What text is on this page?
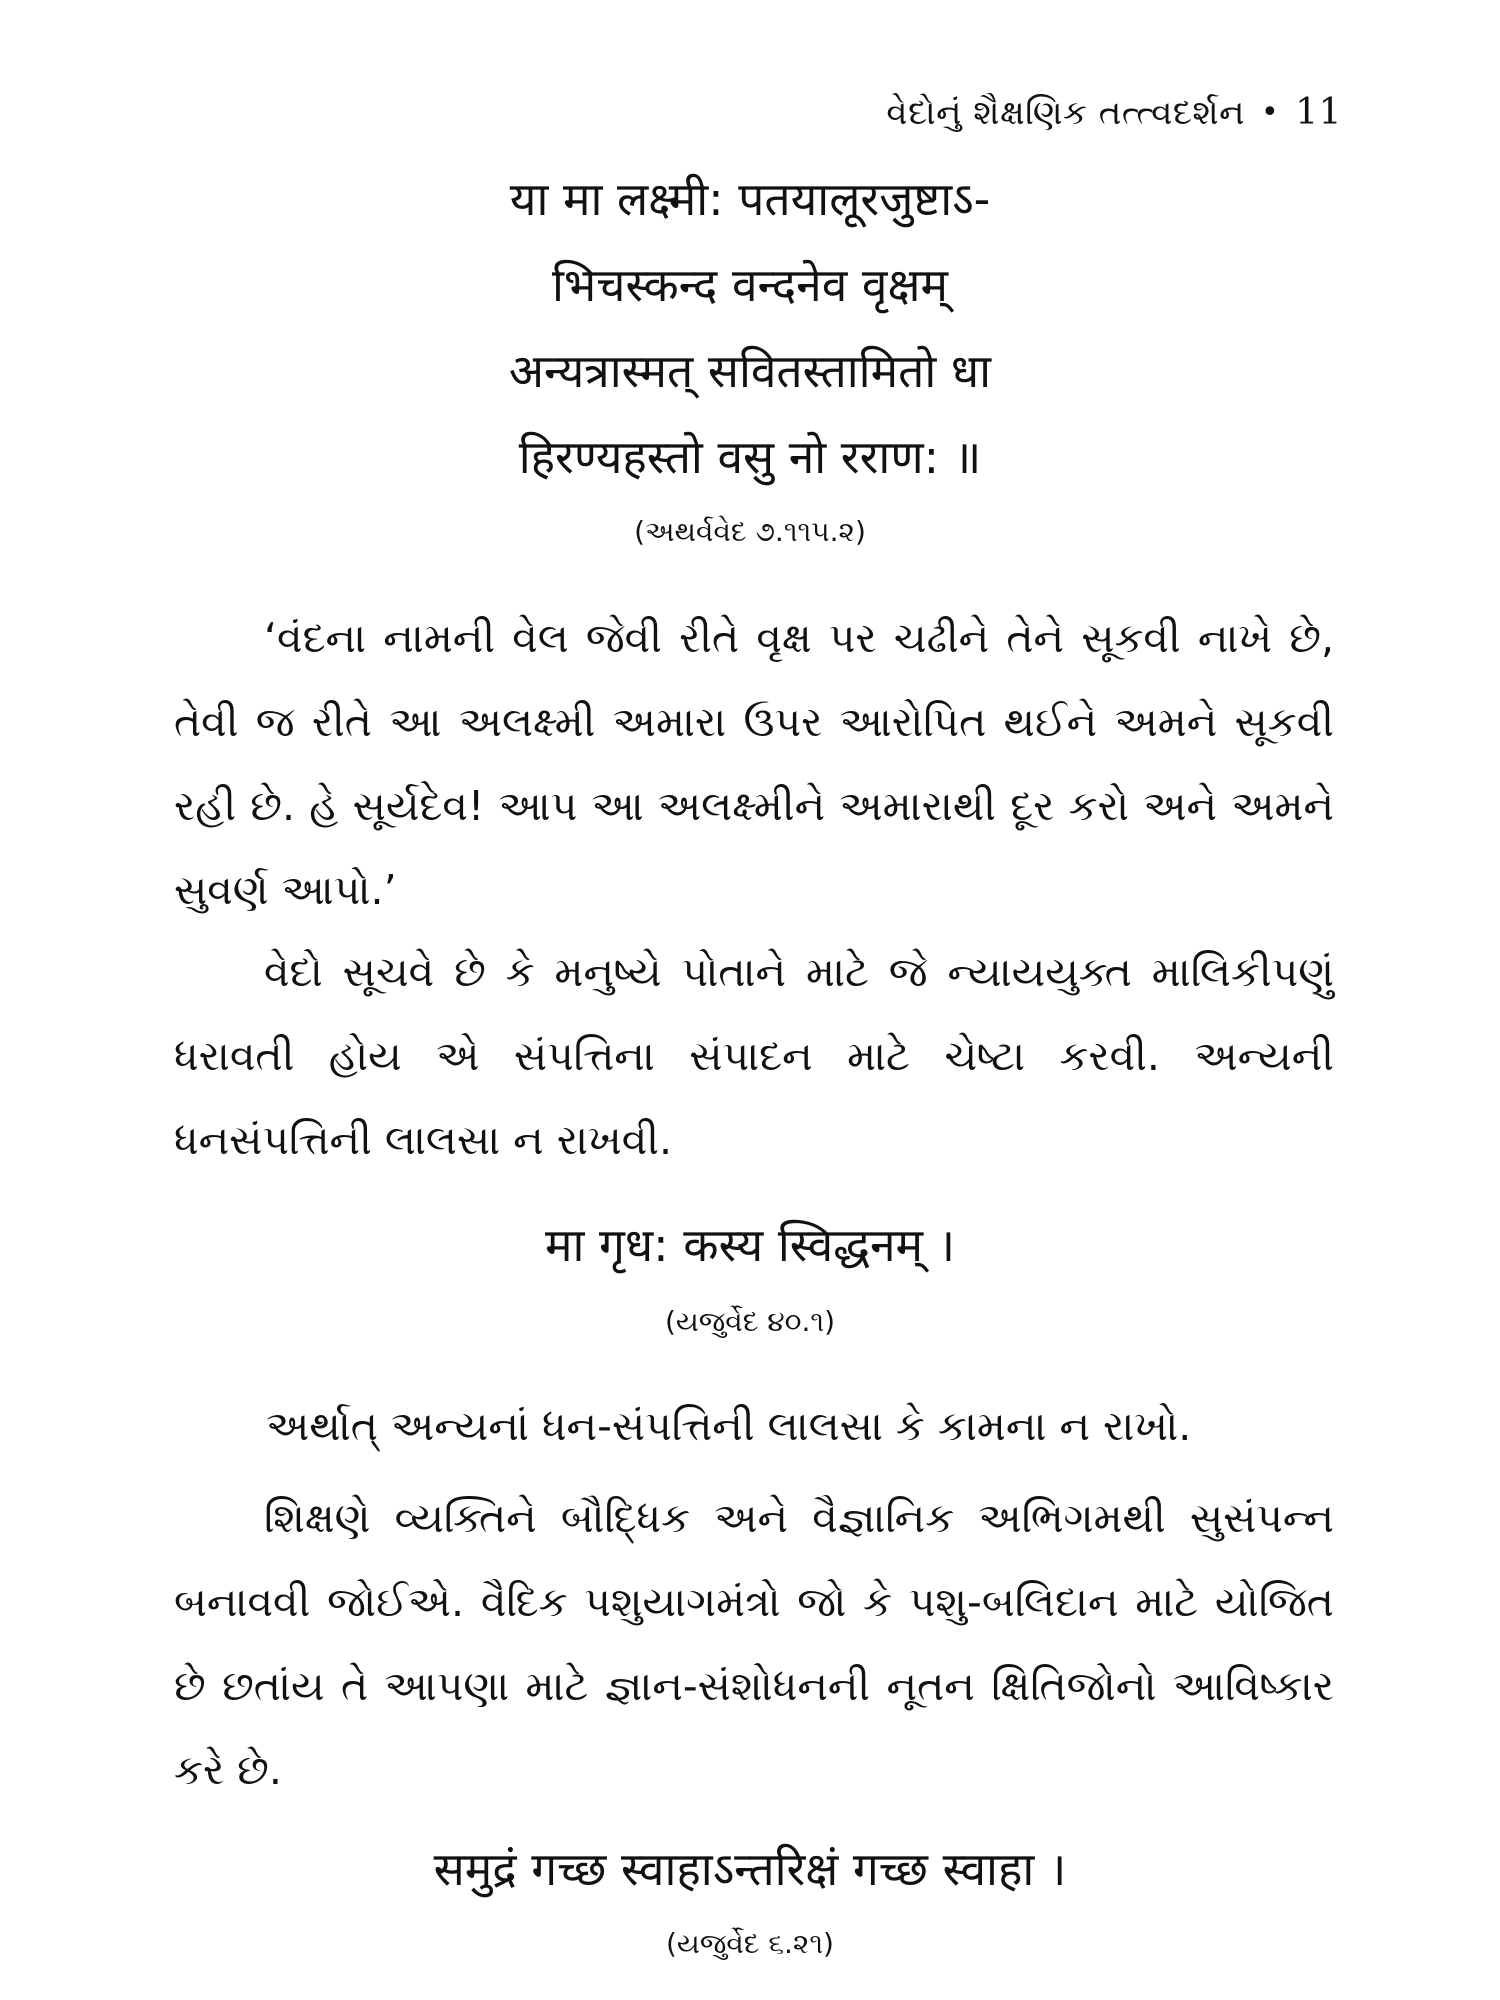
વેદોનું શૈક્ષણિક તત્ત્વદર્શન • 11
या मा लक्ष्मी: पतयालूरजुष्टाऽ-
भिचस्कन्द वन्दनेव वृक्षम्
अन्यत्रास्मत् सवितस्तामितो धा
हिरण्यहस्तो वसु नो रराण: ॥
(અથર્વવેદ ૭.૧૧૫.૨)

‘વંદના નામની વેલ જેવી રીતે વૃક્ષ પર ચઢીને તેને સૂકવી નાખે છે, તેવી જ રીતે આ અલક્ષ્મી અમારા ઉપર આરોપિત થઈને અમને સૂકવી રહી છે. હે સૂર્યદેવ! આપ આ અલક્ષ્મીને અમારાથી દૂર કરો અને અમને સુવર્ણ આપો.’

વેદો સૂચવે છે કે મનુષ્યે પોતાને માટે જે ન્યાયયુક્ત માલિકીપણું ધરાવતી હોય એ સંપત્તિના સંપાદન માટે ચેષ્ટા કરવી. અન્યની ધનસંપત્તિની લાલસા ન રાખવી.

मा गृध: कस्य स्विद्धनम् ।
(યજુર્વેદ ૪૦.૧)

અર્થાત્ અન્યનાં ધન-સંપત્તિની લાલસા કે કામના ન રાખો.

શિક્ષણે વ્યક્તિને બૌદ્ધિક અને વૈજ્ઞાનિક અભિગમથી સુસંપન્ન બનાવવી જોઈએ. વૈદિક પશુયાગમંત્રો જો કે પશુ-બલિદાન માટે યોજિત છે છતાંય તે આપણા માટે જ્ઞાન-સંશોધનની નૂતન ક્ષિતિજોનો આવિષ્કાર કરે છે.

समुद्रं गच्छ स्वाहाऽन्तरिक्षं गच्छ स्वाहा ।
(યજુર્વેદ ૬.૨૧)
